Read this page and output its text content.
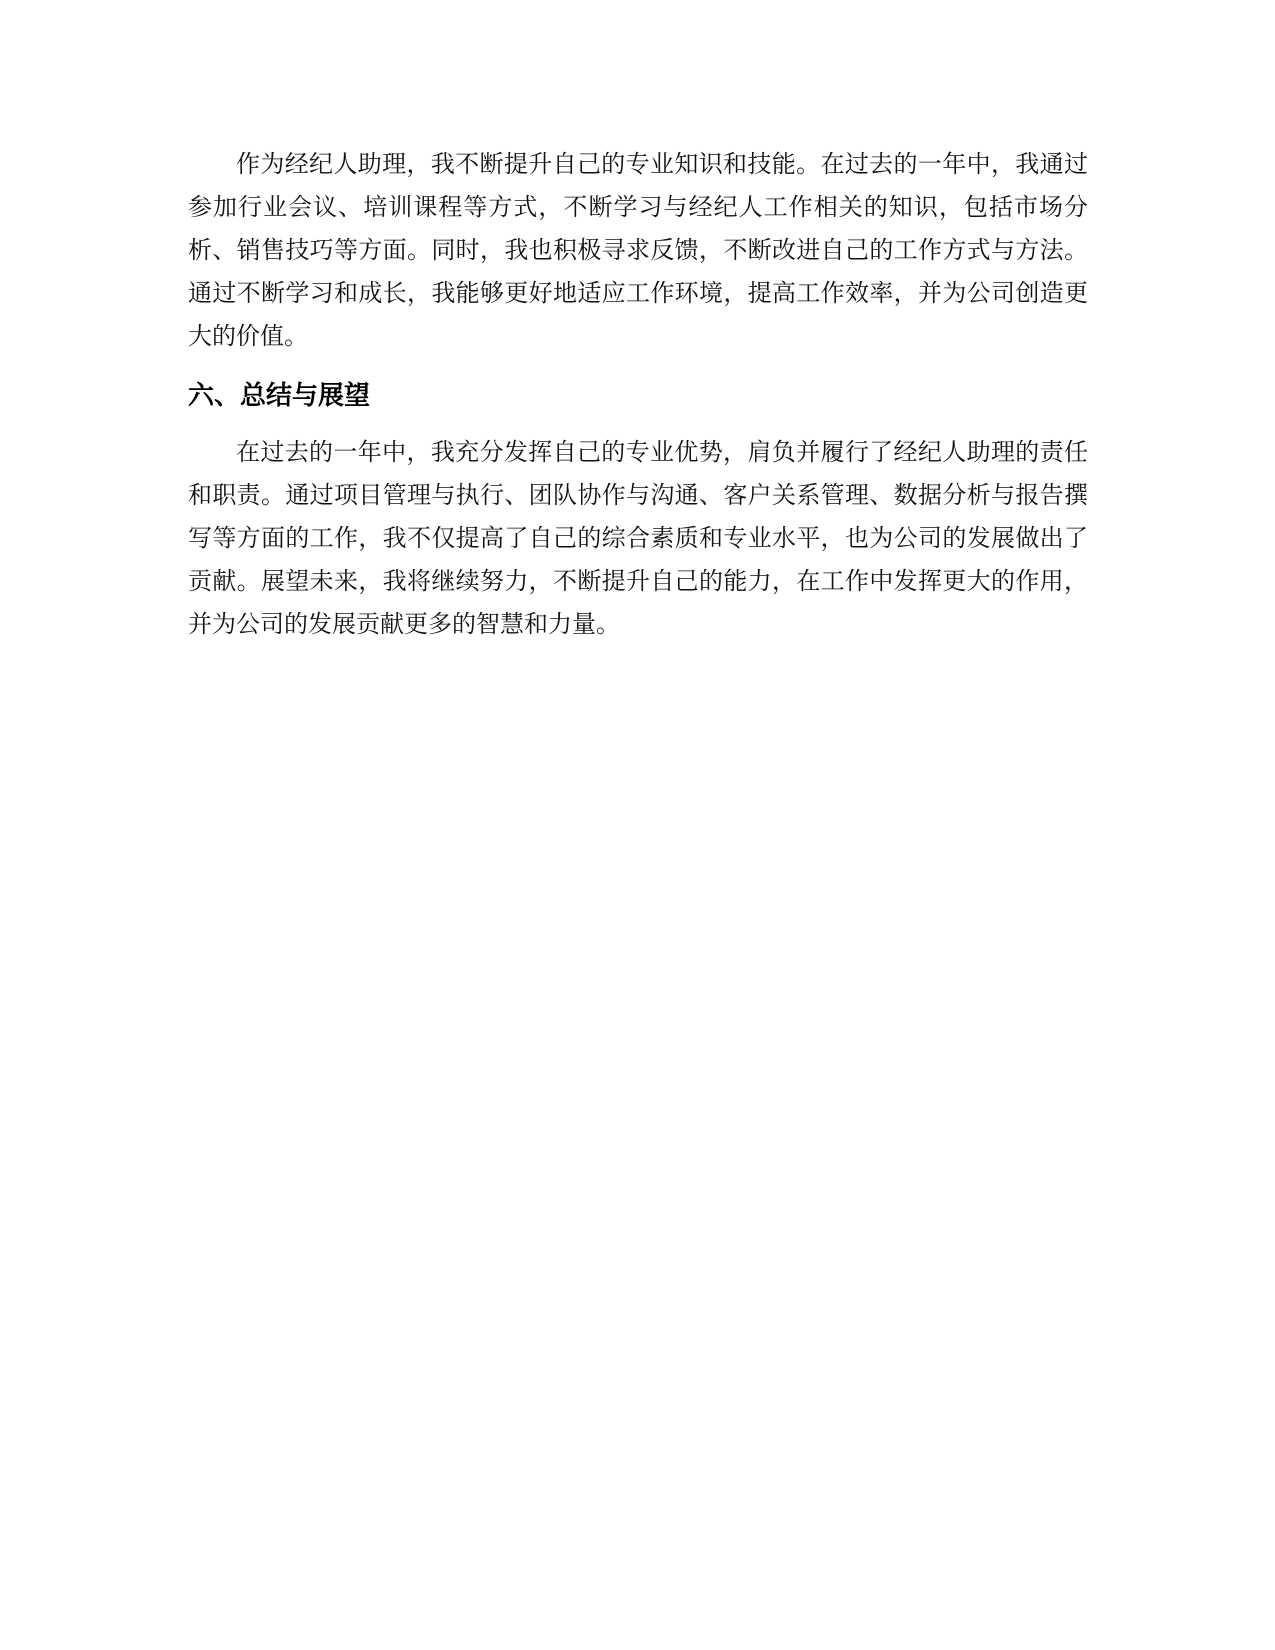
作为经纪人助理，我不断提升自己的专业知识和技能。在过去的一年中，我通过参加行业会议、培训课程等方式，不断学习与经纪人工作相关的知识，包括市场分析、销售技巧等方面。同时，我也积极寻求反馈，不断改进自己的工作方式与方法。通过不断学习和成长，我能够更好地适应工作环境，提高工作效率，并为公司创造更大的价值。

六、总结与展望

在过去的一年中，我充分发挥自己的专业优势，肩负并履行了经纪人助理的责任和职责。通过项目管理与执行、团队协作与沟通、客户关系管理、数据分析与报告撰写等方面的工作，我不仅提高了自己的综合素质和专业水平，也为公司的发展做出了贡献。展望未来，我将继续努力，不断提升自己的能力，在工作中发挥更大的作用，并为公司的发展贡献更多的智慧和力量。
